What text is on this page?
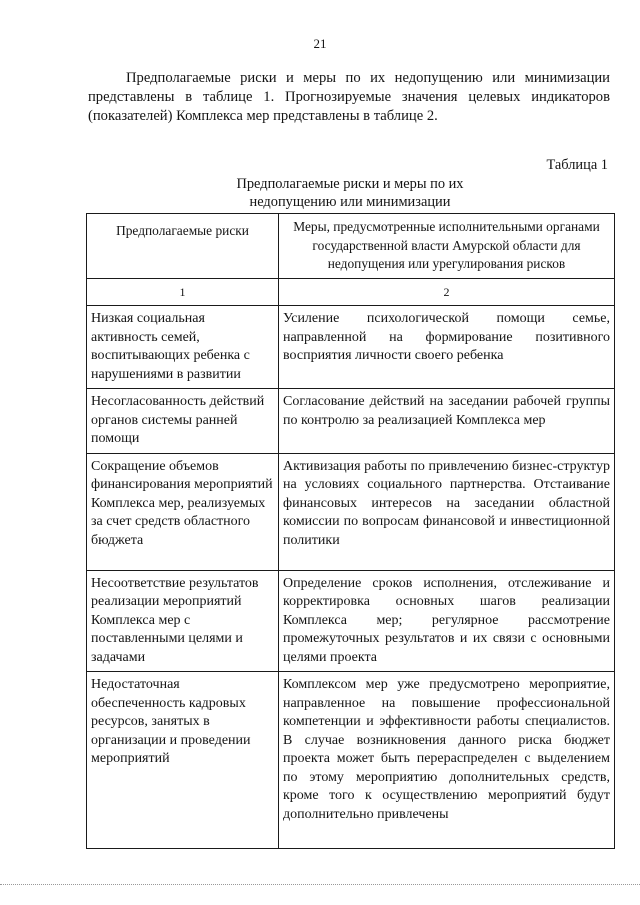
21

Предполагаемые риски и меры по их недопущению или минимизации представлены в таблице 1. Прогнозируемые значения целевых индикаторов (показателей) Комплекса мер представлены в таблице 2.

Таблица 1
Предполагаемые риски и меры по их недопущению или минимизации
Предполагаемые риски	Меры, предусмотренные исполнительными органами государственной власти Амурской области для недопущения или урегулирования рисков
1	2
Низкая социальная активность семей, воспитывающих ребенка с нарушениями в развитии	Усиление психологической помощи семье, направленной на формирование позитивного восприятия личности своего ребенка
Несогласованность действий органов системы ранней помощи	Согласование действий на заседании рабочей группы по контролю за реализацией Комплекса мер
Сокращение объемов финансирования мероприятий Комплекса мер, реализуемых за счет средств областного бюджета	Активизация работы по привлечению бизнес-структур на условиях социального партнерства. Отстаивание финансовых интересов на заседании областной комиссии по вопросам финансовой и инвестиционной политики
Несоответствие результатов реализации мероприятий Комплекса мер с поставленными целями и задачами	Определение сроков исполнения, отслеживание и корректировка основных шагов реализации Комплекса мер; регулярное рассмотрение промежуточных результатов и их связи с основными целями проекта
Недостаточная обеспеченность кадровых ресурсов, занятых в организации и проведении мероприятий	Комплексом мер уже предусмотрено мероприятие, направленное на повышение профессиональной компетенции и эффективности работы специалистов. В случае возникновения данного риска бюджет проекта может быть перераспределен с выделением по этому мероприятию дополнительных средств, кроме того к осуществлению мероприятий будут дополнительно привлечены
